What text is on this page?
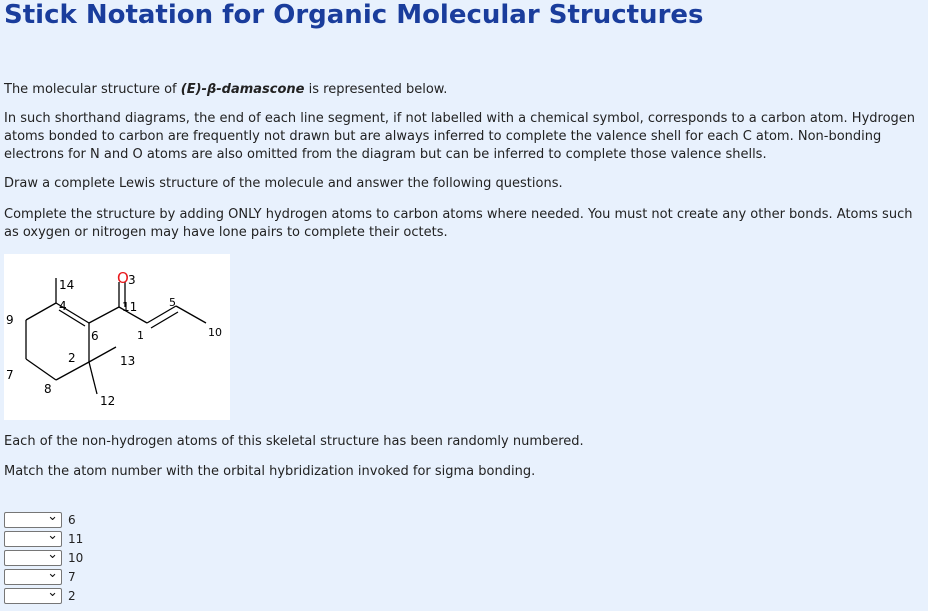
Stick Notation for Organic Molecular Structures

The molecular structure of (E)-β-damascone is represented below.

In such shorthand diagrams, the end of each line segment, if not labelled with a chemical symbol, corresponds to a carbon atom. Hydrogen atoms bonded to carbon are frequently not drawn but are always inferred to complete the valence shell for each C atom. Non-bonding electrons for N and O atoms are also omitted from the diagram but can be inferred to complete those valence shells.

Draw a complete Lewis structure of the molecule and answer the following questions.

Complete the structure by adding ONLY hydrogen atoms to carbon atoms where needed. You must not create any other bonds. Atoms such as oxygen or nitrogen may have lone pairs to complete their octets.

14
4
9
6
2
7
8
12
13
11
1
5
10
O 3

Each of the non-hydrogen atoms of this skeletal structure has been randomly numbered.

Match the atom number with the orbital hybridization invoked for sigma bonding.

⌄ 6
⌄ 11
⌄ 10
⌄ 7
⌄ 2
